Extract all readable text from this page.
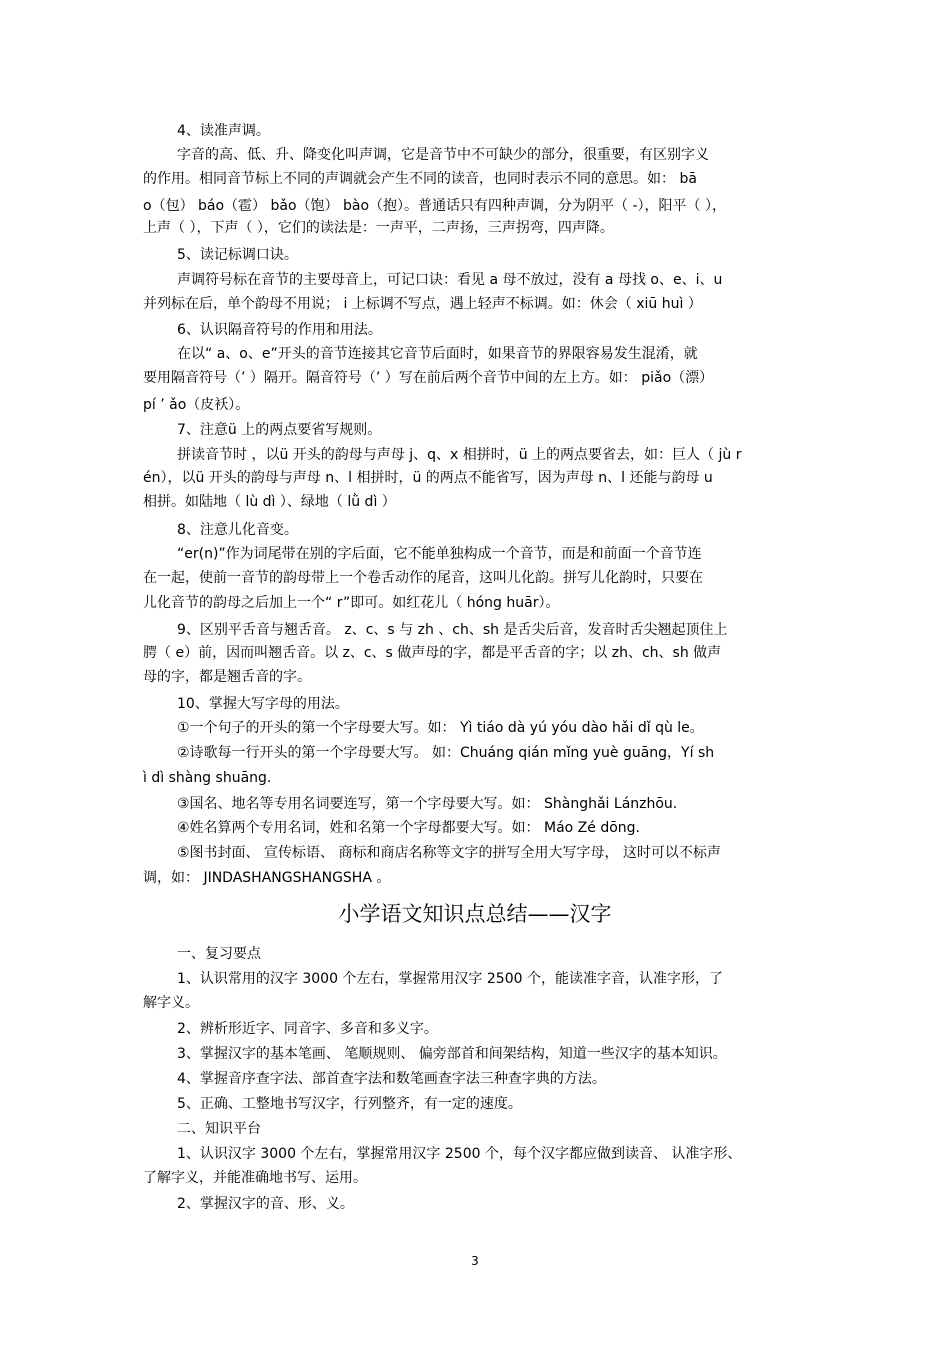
4、读准声调。
字音的高、低、升、降变化叫声调，它是音节中不可缺少的部分，很重要，有区别字义
的作用。相同音节标上不同的声调就会产生不同的读音，也同时表示不同的意思。如： bā
o（包） báo（雹） bǎo（饱） bào（抱）。普通话只有四种声调，分为阴平（ -），阳平（ ），
上声（ ），下声（ ），它们的读法是：一声平，二声扬，三声拐弯，四声降。
5、读记标调口诀。
声调符号标在音节的主要母音上，可记口诀：看见 a 母不放过，没有 a 母找 o、e、i、u
并列标在后，单个韵母不用说； i 上标调不写点，遇上轻声不标调。如：休会（ xiū huì ）
6、认识隔音符号的作用和用法。
在以“ a、o、e”开头的音节连接其它音节后面时，如果音节的界限容易发生混淆，就
要用隔音符号（’ ）隔开。隔音符号（’ ）写在前后两个音节中间的左上方。如： piǎo（漂）
pí ’ ǎo（皮袄）。
7、注意ü 上的两点要省写规则。
拼读音节时 ，以ü 开头的韵母与声母 j、q、x 相拼时，ü 上的两点要省去，如：巨人（ jù r
én），以ü 开头的韵母与声母 n、l 相拼时，ü 的两点不能省写，因为声母 n、l 还能与韵母 u
相拼。如陆地（ lù dì ）、绿地（ lǜ dì ）
8、注意儿化音变。
“er(n)”作为词尾带在别的字后面，它不能单独构成一个音节，而是和前面一个音节连
在一起，使前一音节的韵母带上一个卷舌动作的尾音，这叫儿化韵。拼写儿化韵时，只要在
儿化音节的韵母之后加上一个“ r”即可。如红花儿（ hóng huār）。
9、区别平舌音与翘舌音。 z、c、s 与 zh 、ch、sh 是舌尖后音，发音时舌尖翘起顶住上
腭（ e）前，因而叫翘舌音。以 z、c、s 做声母的字，都是平舌音的字；以 zh、ch、sh 做声
母的字，都是翘舌音的字。
10、掌握大写字母的用法。
①一个句子的开头的第一个字母要大写。如： Yì tiáo dà yú yóu dào hǎi dǐ qù le。
②诗歌每一行开头的第一个字母要大写。 如：Chuáng qián mǐng yuè guāng，Yí sh
ì dì shàng shuāng.
③国名、地名等专用名词要连写，第一个字母要大写。如： Shànghǎi Lánzhōu.
④姓名算两个专用名词，姓和名第一个字母都要大写。如： Máo Zé dōng.
⑤图书封面、 宣传标语、 商标和商店名称等文字的拼写全用大写字母， 这时可以不标声
调，如： JINDASHANGSHANGSHA 。
小学语文知识点总结——汉字
一、复习要点
1、认识常用的汉字 3000 个左右，掌握常用汉字 2500 个，能读准字音，认准字形，了
解字义。
2、辨析形近字、同音字、多音和多义字。
3、掌握汉字的基本笔画、 笔顺规则、 偏旁部首和间架结构，知道一些汉字的基本知识。
4、掌握音序查字法、部首查字法和数笔画查字法三种查字典的方法。
5、正确、工整地书写汉字，行列整齐，有一定的速度。
二、知识平台
1、认识汉字 3000 个左右，掌握常用汉字 2500 个，每个汉字都应做到读音、 认准字形、
了解字义，并能准确地书写、运用。
2、掌握汉字的音、形、义。
3
